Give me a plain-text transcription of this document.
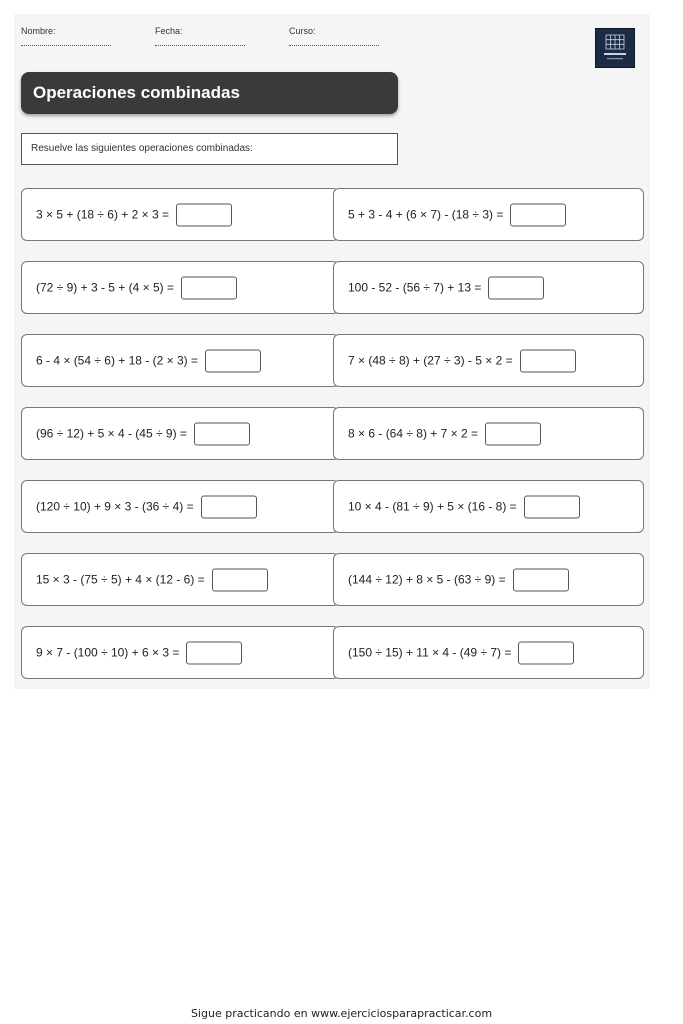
Nombre:	Fecha:	Curso:
Operaciones combinadas
Resuelve las siguientes operaciones combinadas:
3 × 5 + (18 ÷ 6) + 2 × 3 =	5 + 3 - 4 + (6 × 7) - (18 ÷ 3) =
(72 ÷ 9) + 3 - 5 + (4 × 5) =	100 - 52 - (56 ÷ 7) + 13 =
6 - 4 × (54 ÷ 6) + 18 - (2 × 3) =	7 × (48 ÷ 8) + (27 ÷ 3) - 5 × 2 =
(96 ÷ 12) + 5 × 4 - (45 ÷ 9) =	8 × 6 - (64 ÷ 8) + 7 × 2 =
(120 ÷ 10) + 9 × 3 - (36 ÷ 4) =	10 × 4 - (81 ÷ 9) + 5 × (16 - 8) =
15 × 3 - (75 ÷ 5) + 4 × (12 - 6) =	(144 ÷ 12) + 8 × 5 - (63 ÷ 9) =
9 × 7 - (100 ÷ 10) + 6 × 3 =	(150 ÷ 15) + 11 × 4 - (49 ÷ 7) =
Sigue practicando en www.ejerciciosparapracticar.com
